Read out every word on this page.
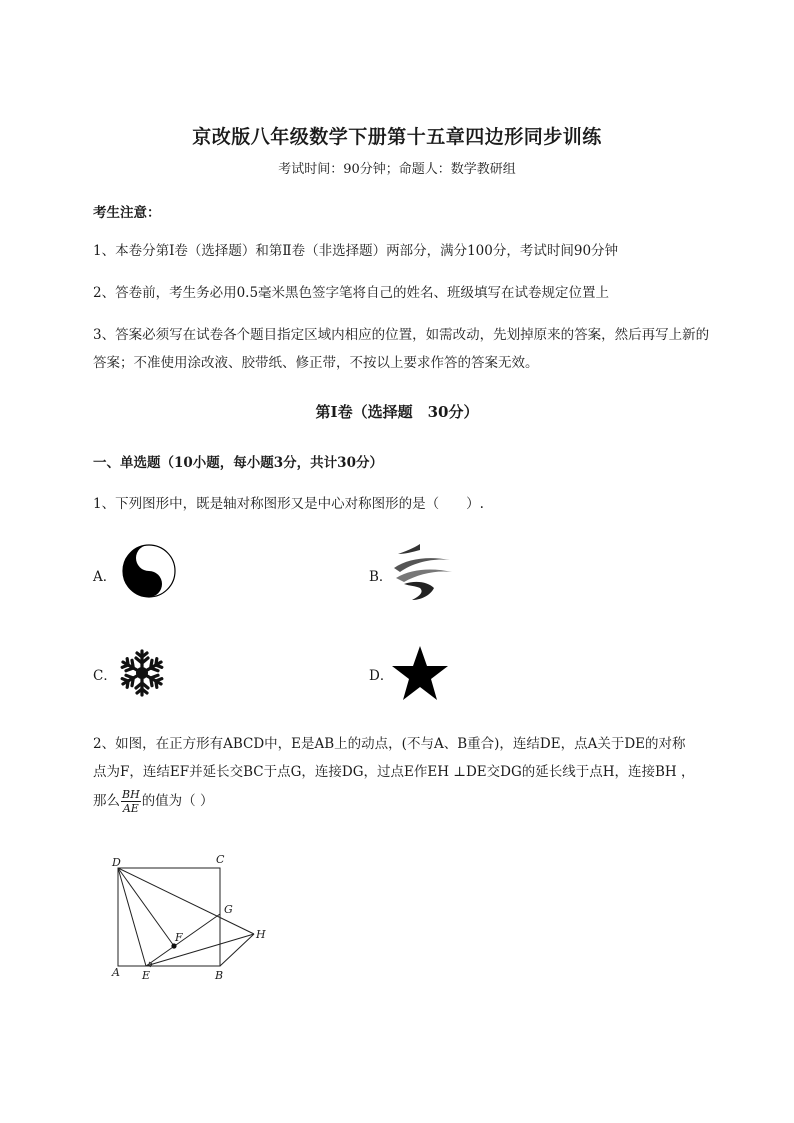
京改版八年级数学下册第十五章四边形同步训练
考试时间：90分钟；命题人：数学教研组
考生注意：
1、本卷分第I卷（选择题）和第Ⅱ卷（非选择题）两部分，满分100分，考试时间90分钟
2、答卷前，考生务必用0.5毫米黑色签字笔将自己的姓名、班级填写在试卷规定位置上
3、答案必须写在试卷各个题目指定区域内相应的位置，如需改动，先划掉原来的答案，然后再写上新的答案；不准使用涂改液、胶带纸、修正带，不按以上要求作答的答案无效。
第I卷（选择题　30分）
一、单选题（10小题，每小题3分，共计30分）
1、下列图形中，既是轴对称图形又是中心对称图形的是（　　）.
A．	B．
C．	D．
2、如图，在正方形有ABCD中，E是AB上的动点，(不与A、B重合)，连结DE，点A关于DE的对称
点为F，连结EF并延长交BC于点G，连接DG，过点E作EH ⊥DE交DG的延长线于点H，连接BH ，
那么 $\frac{BH}{AE}$ 的值为（ ）
A	B
C
D
E
F
G
H
